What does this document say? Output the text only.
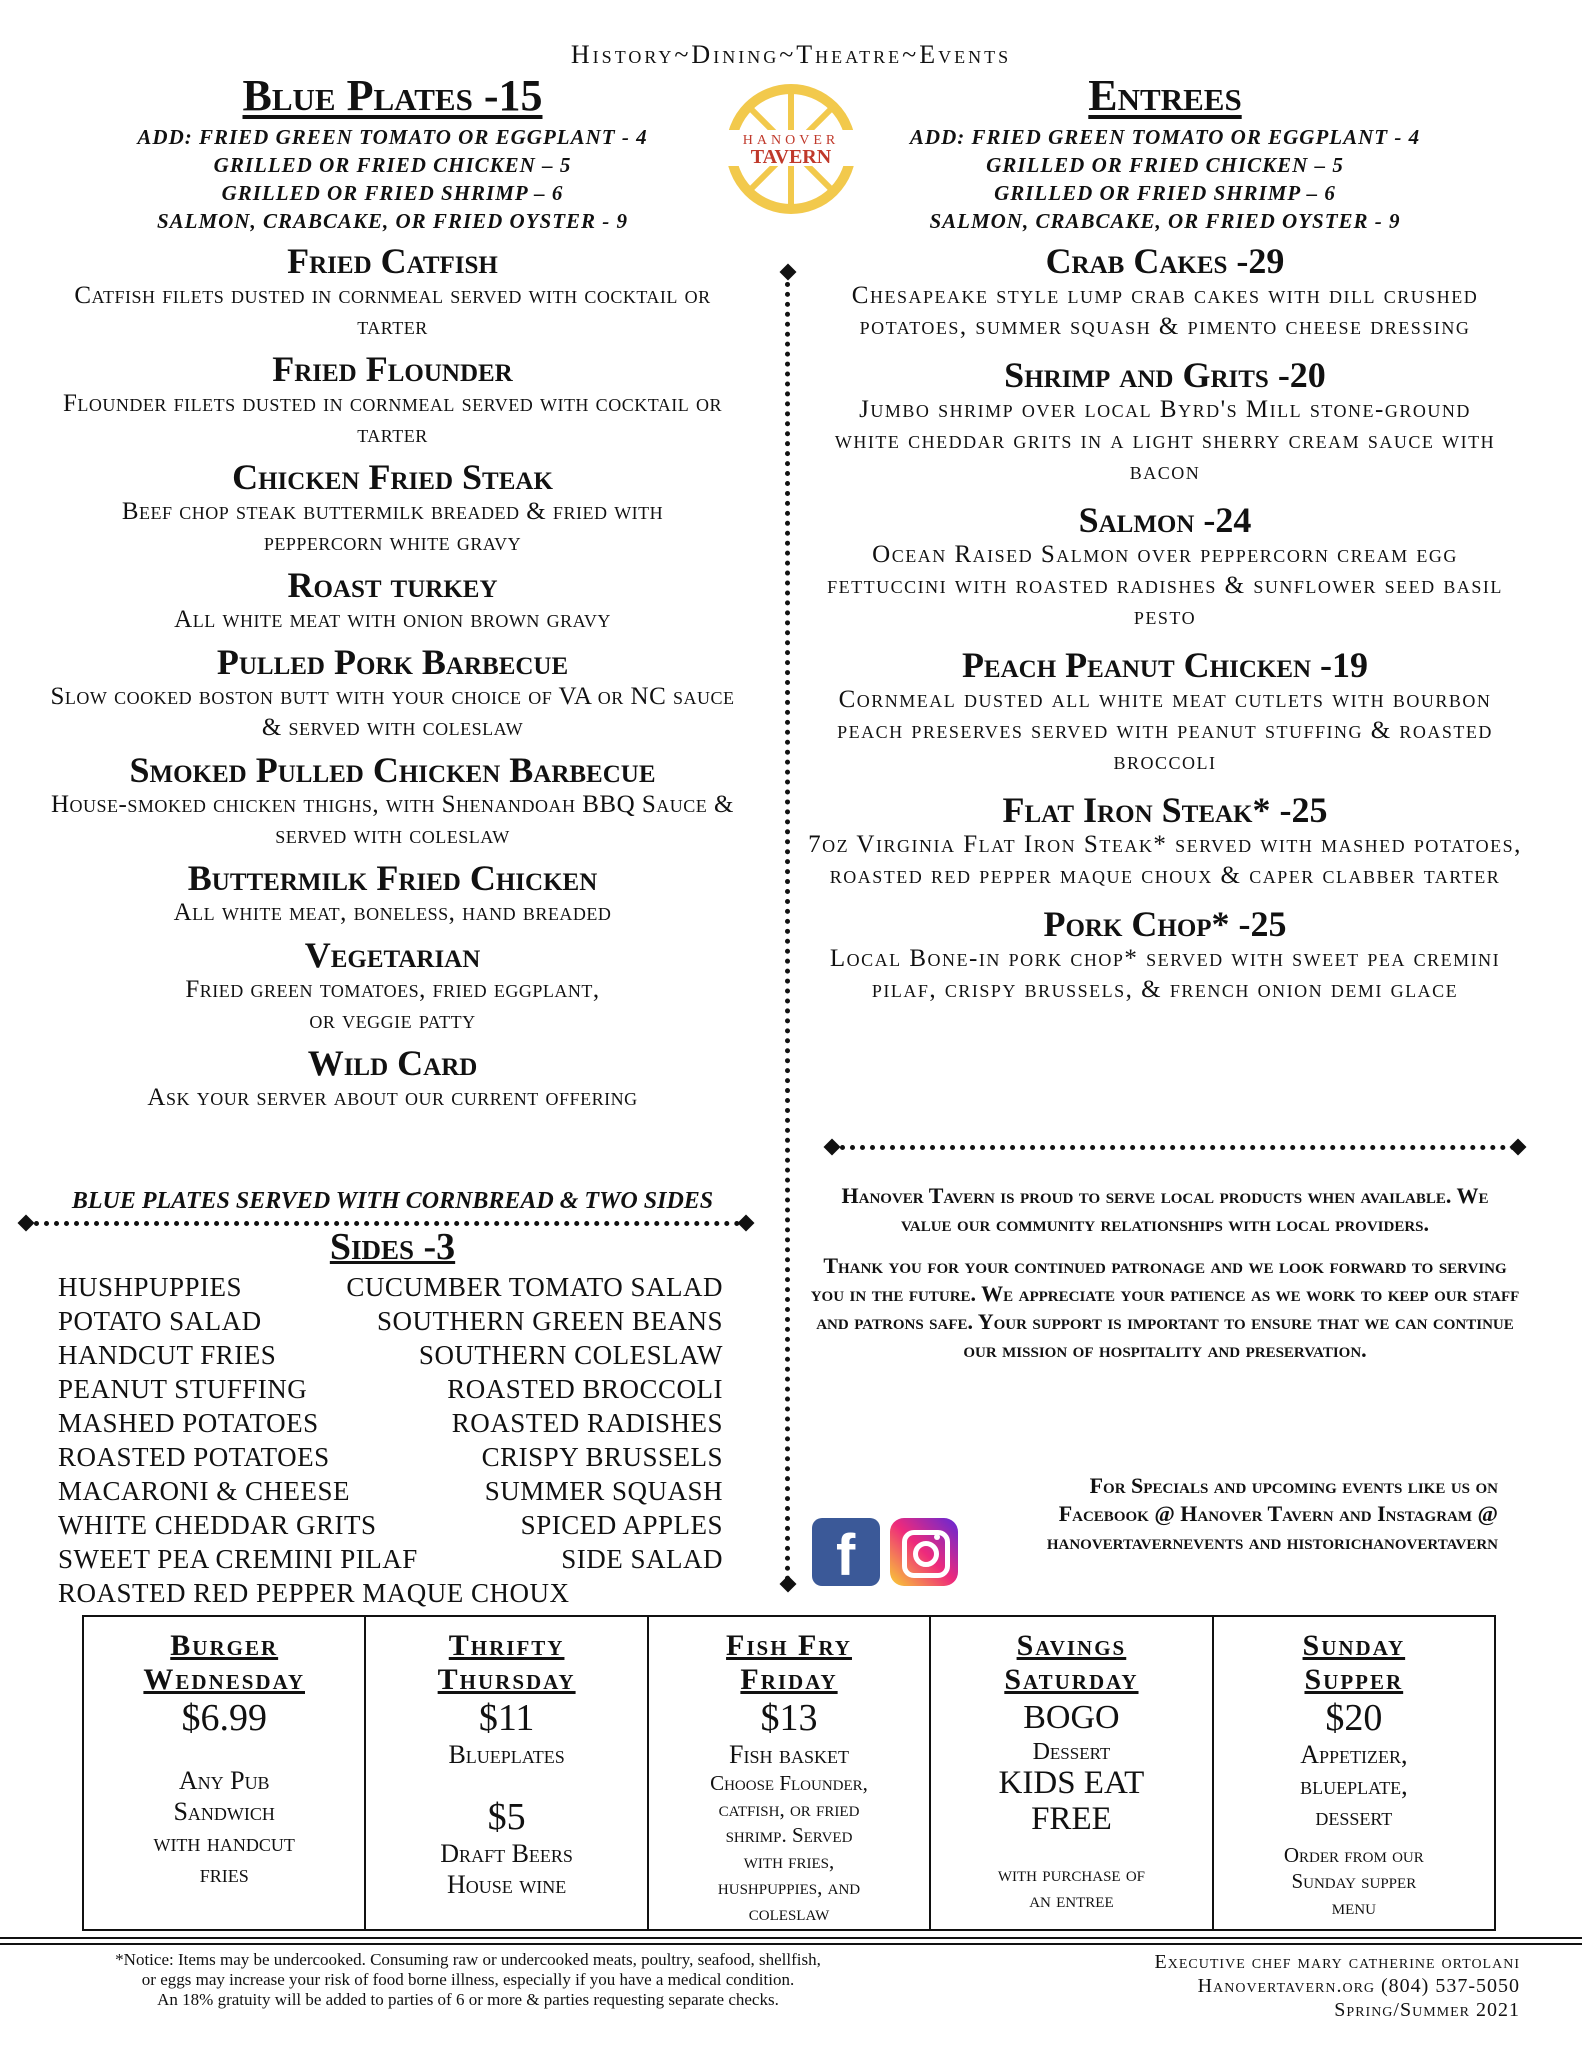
History~Dining~Theatre~Events
Blue Plates -15
ADD: FRIED GREEN TOMATO OR EGGPLANT - 4
GRILLED OR FRIED CHICKEN – 5
GRILLED OR FRIED SHRIMP – 6
SALMON, CRABCAKE, OR FRIED OYSTER - 9
HANOVER
TAVERN
Entrees
ADD: FRIED GREEN TOMATO OR EGGPLANT - 4
GRILLED OR FRIED CHICKEN – 5
GRILLED OR FRIED SHRIMP – 6
SALMON, CRABCAKE, OR FRIED OYSTER - 9
Fried Catfish
Catfish filets dusted in cornmeal served with cocktail or tarter
Fried Flounder
Flounder filets dusted in cornmeal served with cocktail or tarter
Chicken Fried Steak
Beef chop steak buttermilk breaded & fried with peppercorn white gravy
Roast turkey
All white meat with onion brown gravy
Pulled Pork Barbecue
Slow cooked boston butt with your choice of VA or NC sauce & served with coleslaw
Smoked Pulled Chicken Barbecue
House-smoked chicken thighs, with Shenandoah BBQ Sauce & served with coleslaw
Buttermilk Fried Chicken
All white meat, boneless, hand breaded
Vegetarian
Fried green tomatoes, fried eggplant, or veggie patty
Wild Card
Ask your server about our current offering
BLUE PLATES SERVED WITH CORNBREAD & TWO SIDES
Sides -3
HUSHPUPPIES	CUCUMBER TOMATO SALAD
POTATO SALAD	SOUTHERN GREEN BEANS
HANDCUT FRIES	SOUTHERN COLESLAW
PEANUT STUFFING	ROASTED BROCCOLI
MASHED POTATOES	ROASTED RADISHES
ROASTED POTATOES	CRISPY BRUSSELS
MACARONI & CHEESE	SUMMER SQUASH
WHITE CHEDDAR GRITS	SPICED APPLES
SWEET PEA CREMINI PILAF	SIDE SALAD
ROASTED RED PEPPER MAQUE CHOUX
Crab Cakes -29
Chesapeake style lump crab cakes with dill crushed potatoes, summer squash & pimento cheese dressing
Shrimp and Grits -20
Jumbo shrimp over local Byrd's Mill stone-ground white cheddar grits in a light sherry cream sauce with bacon
Salmon -24
Ocean Raised Salmon over peppercorn cream egg fettuccini with roasted radishes & sunflower seed basil pesto
Peach Peanut Chicken -19
Cornmeal dusted all white meat cutlets with bourbon peach preserves served with peanut stuffing & roasted broccoli
Flat Iron Steak* -25
7oz Virginia Flat Iron Steak* served with mashed potatoes, roasted red pepper maque choux & caper clabber tarter
Pork Chop* -25
Local Bone-in pork chop* served with sweet pea cremini pilaf, crispy brussels, & french onion demi glace

Hanover Tavern is proud to serve local products when available. We value our community relationships with local providers.

Thank you for your continued patronage and we look forward to serving you in the future. We appreciate your patience as we work to keep our staff and patrons safe. Your support is important to ensure that we can continue our mission of hospitality and preservation.

For Specials and upcoming events like us on Facebook @ Hanover Tavern and Instagram @ hanovertavernevents and historichanovertavern
f
Burger
Wednesday
$6.99
Any Pub
Sandwich
with handcut
fries
Thrifty
Thursday
$11
Blueplates
$5
Draft Beers
House wine
Fish Fry
Friday
$13
Fish basket
Choose Flounder,
catfish, or fried
shrimp. Served
with fries,
hushpuppies, and
coleslaw
Savings
Saturday
BOGO
Dessert
KIDS EAT
FREE
with purchase of
an entree
Sunday
Supper
$20
Appetizer,
blueplate,
dessert
Order from our
Sunday supper
menu
*Notice: Items may be undercooked. Consuming raw or undercooked meats, poultry, seafood, shellfish,
or eggs may increase your risk of food borne illness, especially if you have a medical condition.
An 18% gratuity will be added to parties of 6 or more & parties requesting separate checks.
Executive chef mary catherine ortolani
Hanovertavern.org (804) 537-5050
Spring/Summer 2021
